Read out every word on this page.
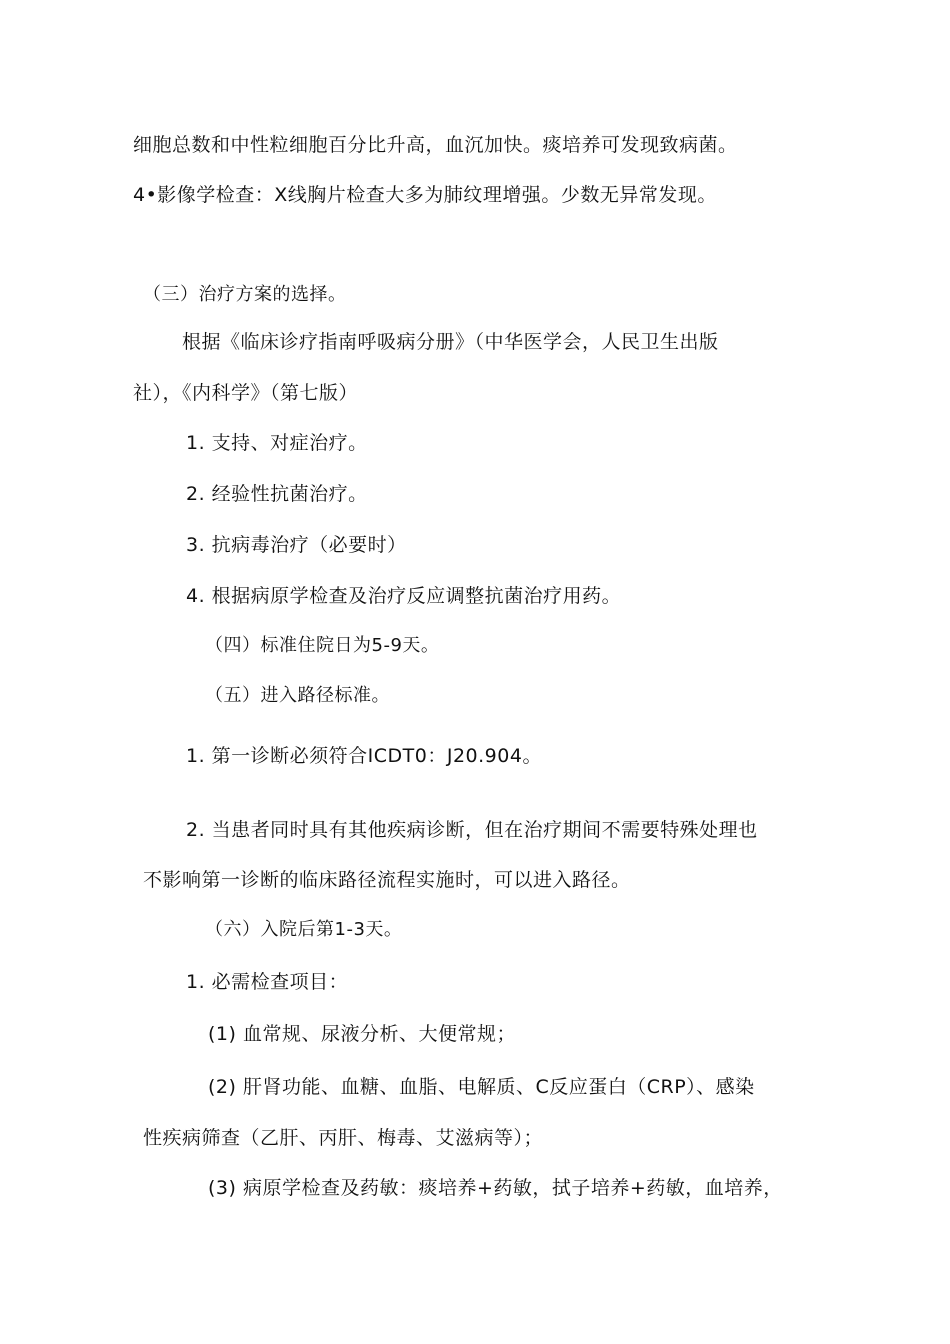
细胞总数和中性粒细胞百分比升高，血沉加快。痰培养可发现致病菌。
4•影像学检查：X线胸片检查大多为肺纹理增强。少数无异常发现。
（三）治疗方案的选择。
根据《临床诊疗指南呼吸病分册》（中华医学会，人民卫生出版
社），《内科学》（第七版）
1. 支持、对症治疗。
2. 经验性抗菌治疗。
3. 抗病毒治疗（必要时）
4. 根据病原学检查及治疗反应调整抗菌治疗用药。
（四）标准住院日为5-9天。
（五）进入路径标准。
1. 第一诊断必须符合ICDT0：J20.904。
2. 当患者同时具有其他疾病诊断，但在治疗期间不需要特殊处理也
不影响第一诊断的临床路径流程实施时，可以进入路径。
（六）入院后第1-3天。
1. 必需检查项目：
(1) 血常规、尿液分析、大便常规；
(2) 肝肾功能、血糖、血脂、电解质、C反应蛋白（CRP）、感染
性疾病筛查（乙肝、丙肝、梅毒、艾滋病等）；
(3) 病原学检查及药敏：痰培养+药敏，拭子培养+药敏，血培养，
